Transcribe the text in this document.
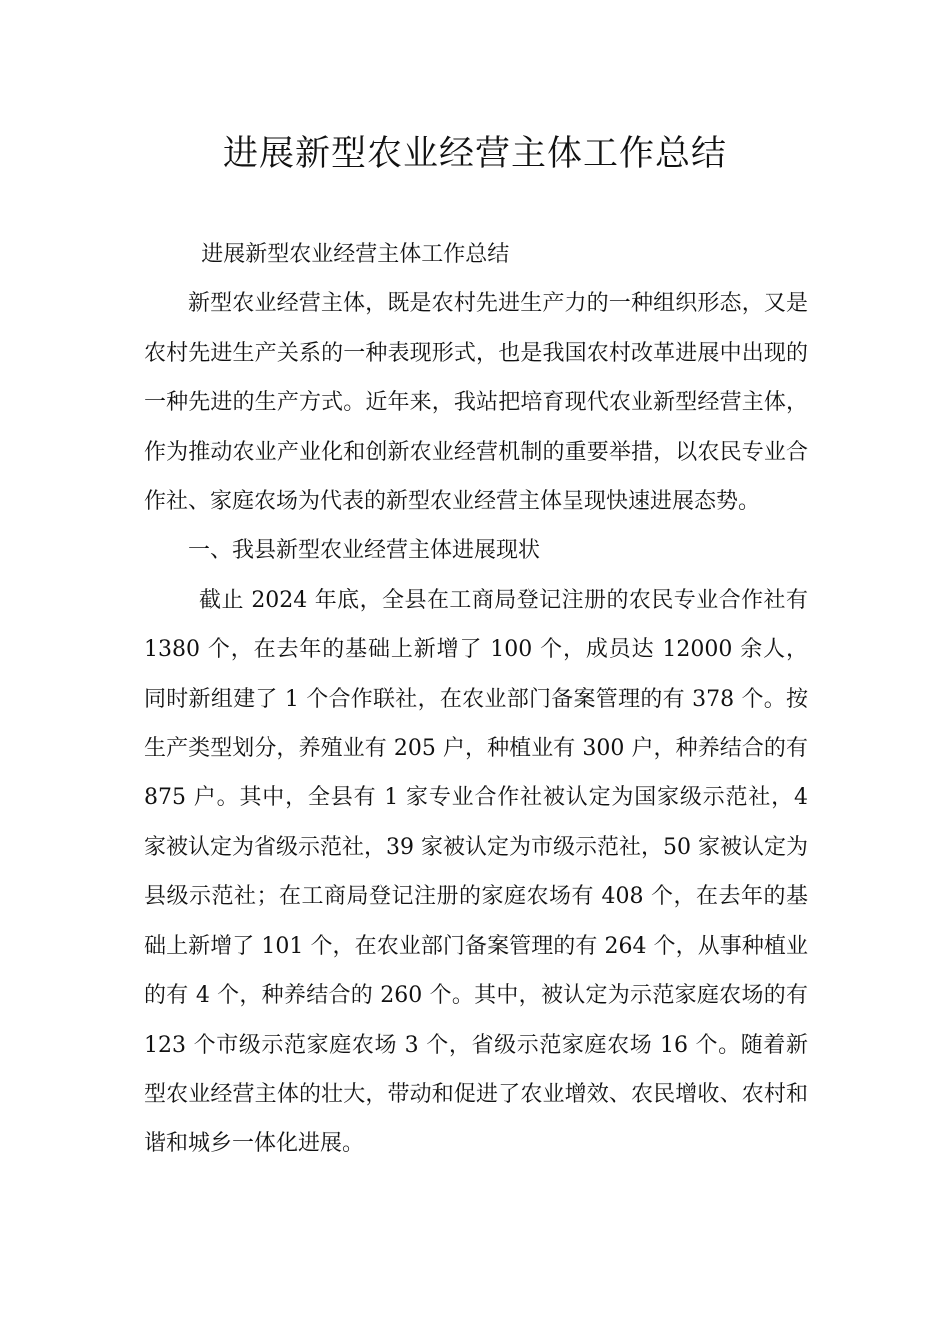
进展新型农业经营主体工作总结

进展新型农业经营主体工作总结

新型农业经营主体，既是农村先进生产力的一种组织形态，又是农村先进生产关系的一种表现形式，也是我国农村改革进展中出现的一种先进的生产方式。近年来，我站把培育现代农业新型经营主体，作为推动农业产业化和创新农业经营机制的重要举措，以农民专业合作社、家庭农场为代表的新型农业经营主体呈现快速进展态势。

一、我县新型农业经营主体进展现状

截止 2024 年底，全县在工商局登记注册的农民专业合作社有 1380 个，在去年的基础上新增了 100 个，成员达 12000 余人，同时新组建了 1 个合作联社，在农业部门备案管理的有 378 个。按生产类型划分，养殖业有 205 户，种植业有 300 户，种养结合的有 875 户。其中，全县有 1 家专业合作社被认定为国家级示范社，4 家被认定为省级示范社，39 家被认定为市级示范社，50 家被认定为县级示范社；在工商局登记注册的家庭农场有 408 个，在去年的基础上新增了 101 个，在农业部门备案管理的有 264 个，从事种植业的有 4 个，种养结合的 260 个。其中，被认定为示范家庭农场的有 123 个市级示范家庭农场 3 个，省级示范家庭农场 16 个。随着新型农业经营主体的壮大，带动和促进了农业增效、农民增收、农村和谐和城乡一体化进展。
